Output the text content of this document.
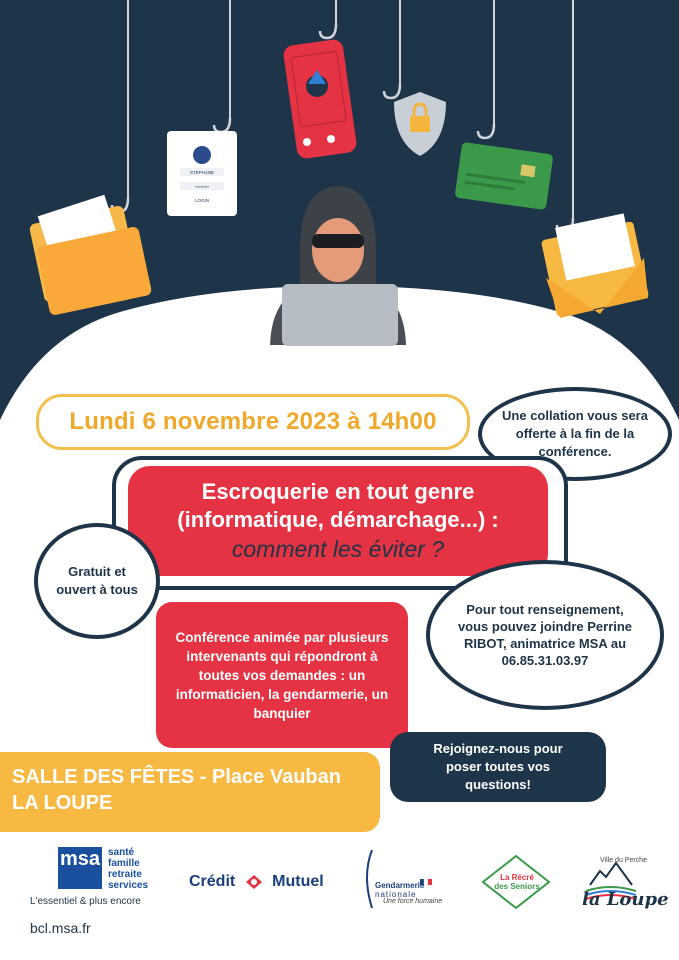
STEPHANE
********
LOGIN
Lundi 6 novembre 2023 à 14h00	Une collation vous sera offerte à la fin de la conférence.
Escroquerie en tout genre
(informatique, démarchage...) :
comment les éviter ?
Gratuit et ouvert à tous
Pour tout renseignement, vous pouvez joindre Perrine RIBOT, animatrice MSA au 06.85.31.03.97
Conférence animée par plusieurs intervenants qui répondront à toutes vos demandes : un informaticien, la gendarmerie, un banquier
Rejoignez-nous pour poser toutes vos questions!
SALLE DES FÊTES - Place Vauban
LA LOUPE
msa santé
famille
retraite
services
L'essentiel & plus encore
bcl.msa.fr
Crédit Mutuel	Gendarmerie
nationale
Une force humaine
La Récré
des Seniors
Ville du Perche
la Loupe
